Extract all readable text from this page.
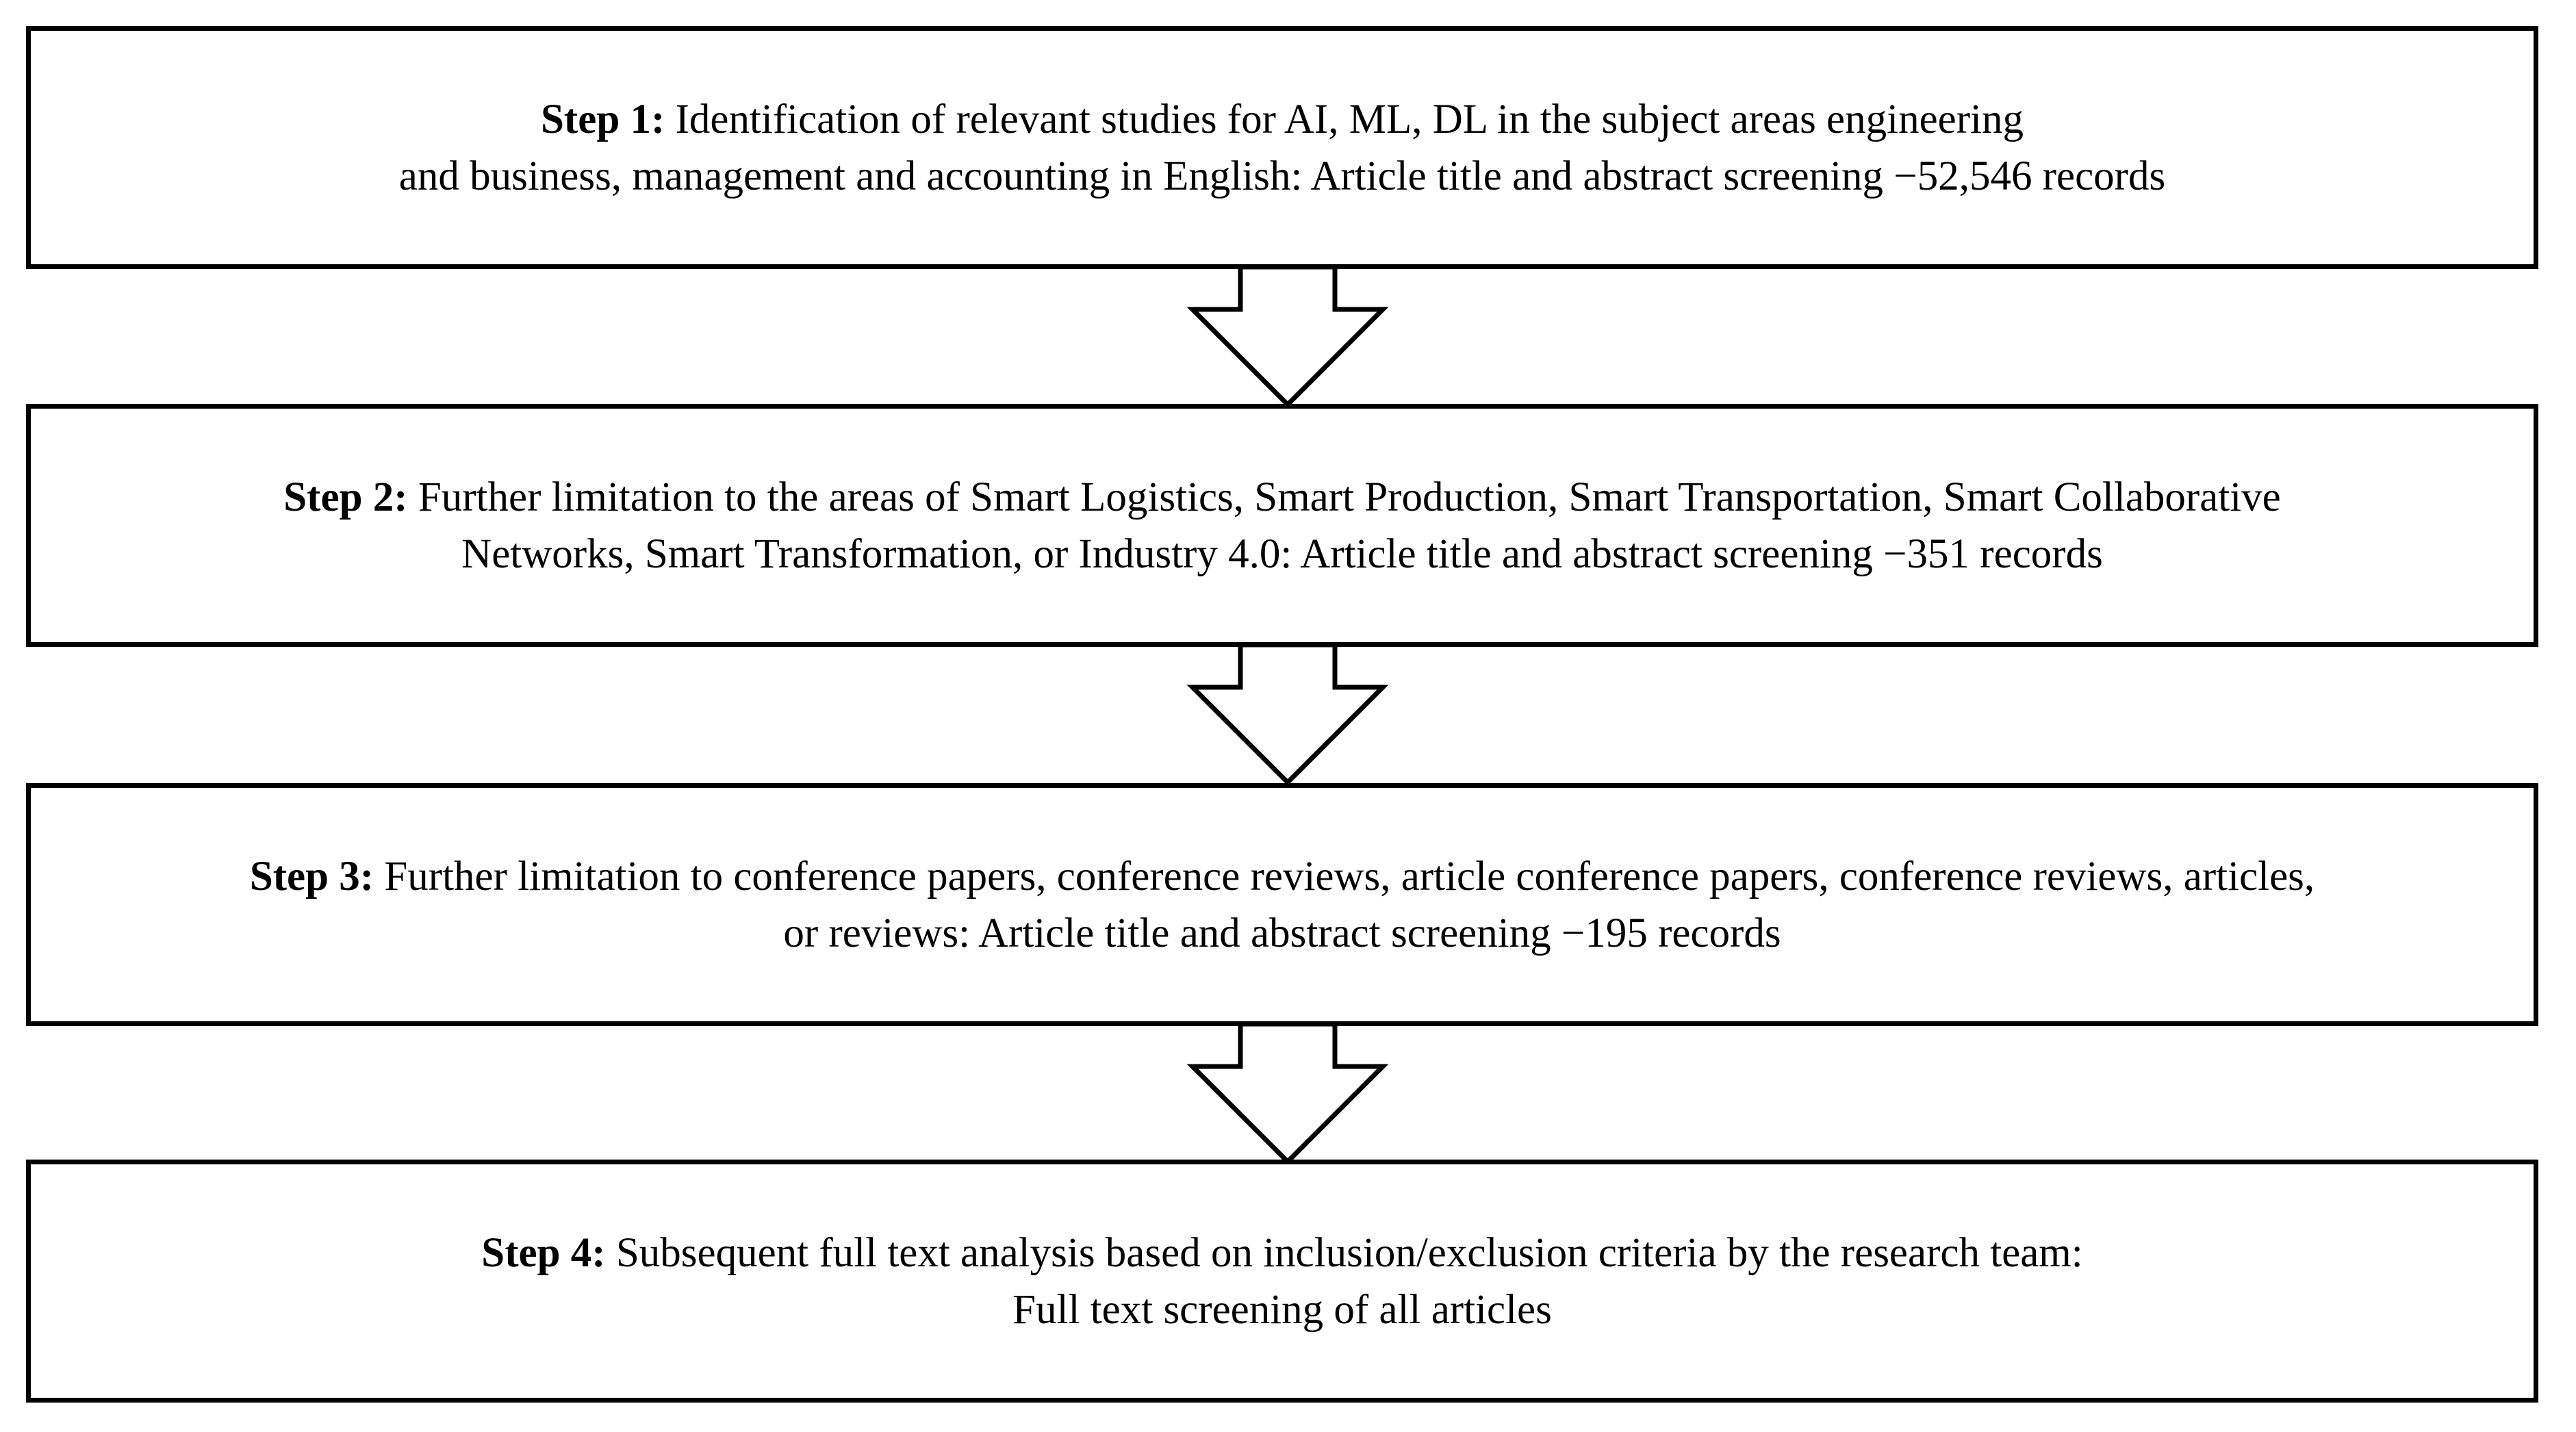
Step 1: Identification of relevant studies for AI, ML, DL in the subject areas engineering
and business, management and accounting in English: Article title and abstract screening −52,546 records
Step 2: Further limitation to the areas of Smart Logistics, Smart Production, Smart Transportation, Smart Collaborative
Networks, Smart Transformation, or Industry 4.0: Article title and abstract screening −351 records
Step 3: Further limitation to conference papers, conference reviews, article conference papers, conference reviews, articles,
or reviews: Article title and abstract screening −195 records
Step 4: Subsequent full text analysis based on inclusion/exclusion criteria by the research team:
Full text screening of all articles
